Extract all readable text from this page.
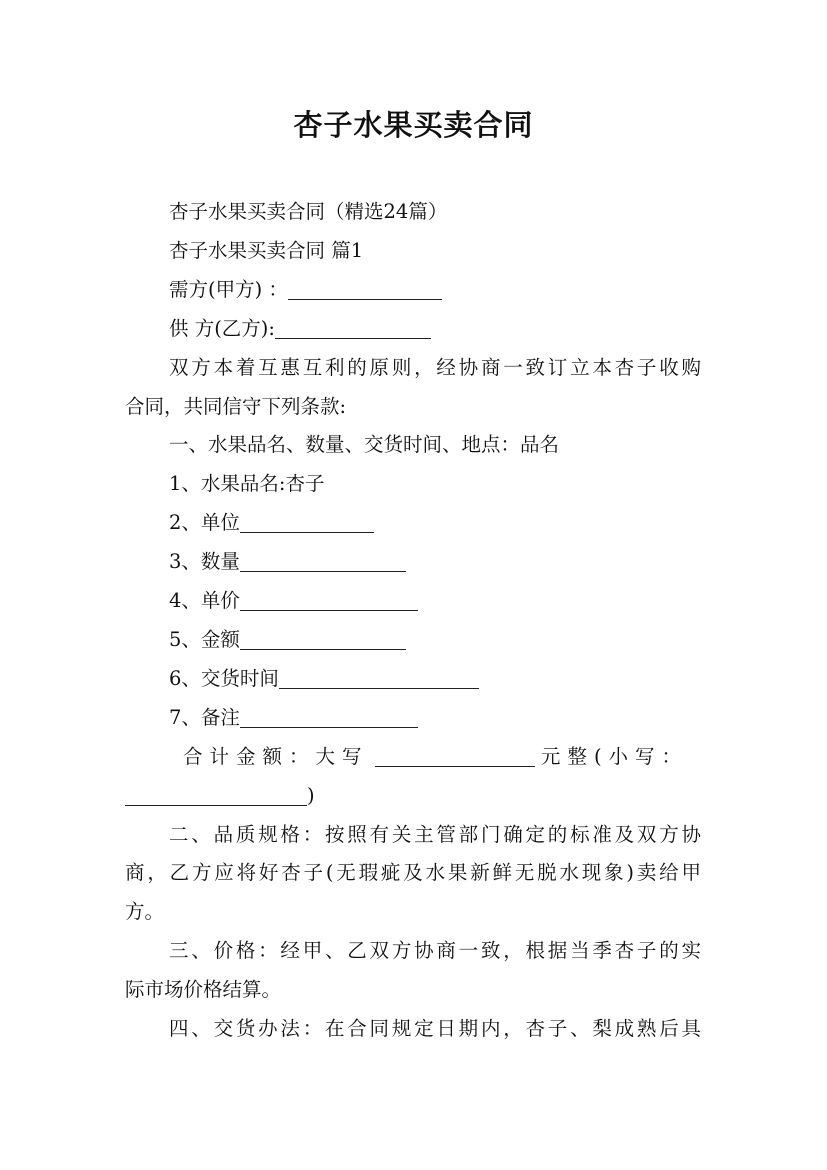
杏子水果买卖合同
杏子水果买卖合同（精选24篇）
杏子水果买卖合同 篇1
需方(甲方) ：
供 方(乙方):
双方本着互惠互利的原则，经协商一致订立本杏子收购
合同，共同信守下列条款:
一、水果品名、数量、交货时间、地点：品名
1、水果品名:杏子
2、单位
3、数量
4、单价
5、金额
6、交货时间
7、备注
合计金额：大写	元整(小写：
)
二、品质规格：按照有关主管部门确定的标准及双方协
商，乙方应将好杏子(无瑕疵及水果新鲜无脱水现象)卖给甲
方。
三、价格：经甲、乙双方协商一致，根据当季杏子的实
际市场价格结算。
四、交货办法：在合同规定日期内，杏子、梨成熟后具
